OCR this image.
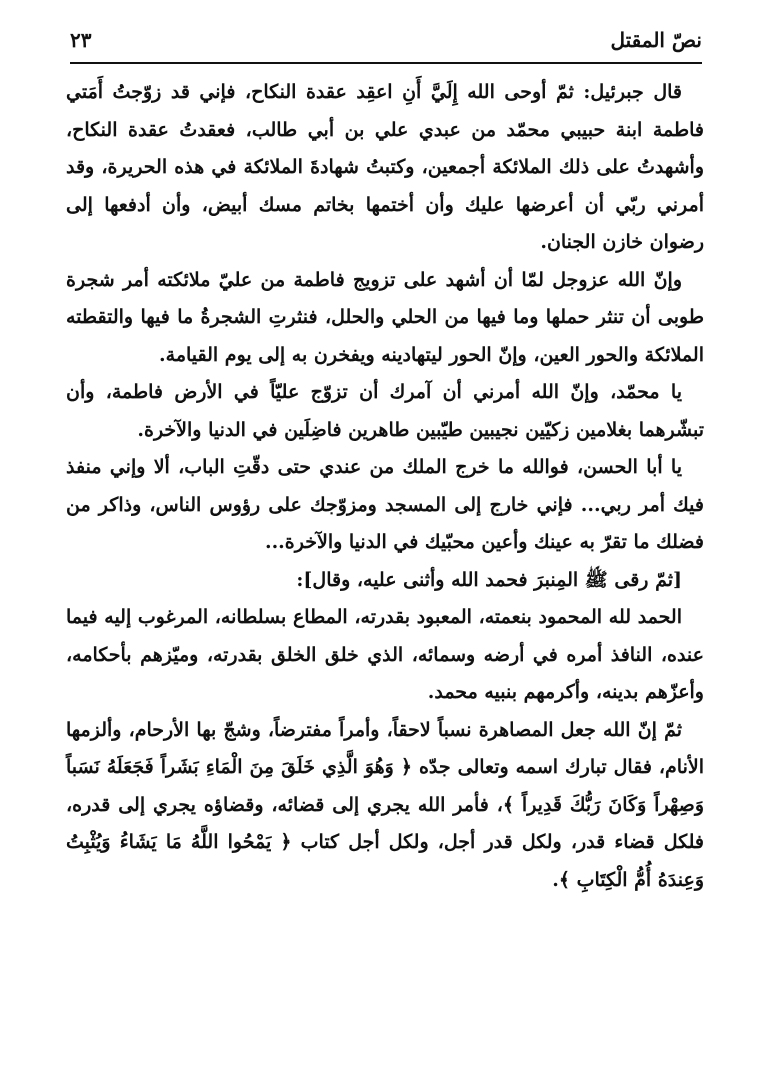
نصّ المقتل
٢٣

قال جبرئيل: ثمّ أوحى الله إِلَيَّ أَنِ اعقِد عقدة النكاح، فإني قد زوّجتُ أَمَتي فاطمة ابنة حبيبي محمّد من عبدي علي بن أبي طالب، فعقدتُ عقدة النكاح، وأشهدتُ على ذلك الملائكة أجمعين، وكتبتُ شهادةَ الملائكة في هذه الحريرة، وقد أمرني ربّي أن أعرضها عليك وأن أختمها بخاتم مسك أبيض، وأن أدفعها إلى رضوان خازن الجنان.

وإنّ الله عزوجل لمّا أن أشهد على تزويج فاطمة من عليّ ملائكته أمر شجرة طوبى أن تنثر حملها وما فيها من الحلي والحلل، فنثرتِ الشجرةُ ما فيها والتقطته الملائكة والحور العين، وإنّ الحور ليتهادينه ويفخرن به إلى يوم القيامة.

يا محمّد، وإنّ الله أمرني أن آمرك أن تزوّج عليّاً في الأرض فاطمة، وأن تبشّرهما بغلامين زكيّين نجيبين طيّبين طاهرين فاضِلَين في الدنيا والآخرة.

يا أبا الحسن، فوالله ما خرج الملك من عندي حتى دقّتِ الباب، ألا وإني منفذ فيك أمر ربي... فإني خارج إلى المسجد ومزوّجك على رؤوس الناس، وذاكر من فضلك ما تقرّ به عينك وأعين محبّيك في الدنيا والآخرة...

[ثمّ رقى ﷺ المِنبرَ فحمد الله وأثنى عليه، وقال]:

الحمد لله المحمود بنعمته، المعبود بقدرته، المطاع بسلطانه، المرغوب إليه فيما عنده، النافذ أمره في أرضه وسمائه، الذي خلق الخلق بقدرته، وميّزهم بأحكامه، وأعزّهم بدينه، وأكرمهم بنبيه محمد.

ثمّ إنّ الله جعل المصاهرة نسباً لاحقاً، وأمراً مفترضاً، وشجّ بها الأرحام، وألزمها الأنام، فقال تبارك اسمه وتعالى جدّه ﴿ وَهُوَ الَّذِي خَلَقَ مِنَ الْمَاءِ بَشَراً فَجَعَلَهُ نَسَباً وَصِهْراً وَكَانَ رَبُّكَ قَدِيراً ﴾، فأمر الله يجري إلى قضائه، وقضاؤه يجري إلى قدره، فلكل قضاء قدر، ولكل قدر أجل، ولكل أجل كتاب ﴿ يَمْحُوا اللَّهُ مَا يَشَاءُ وَيُثْبِتُ وَعِندَهُ أُمُّ الْكِتَابِ ﴾.
